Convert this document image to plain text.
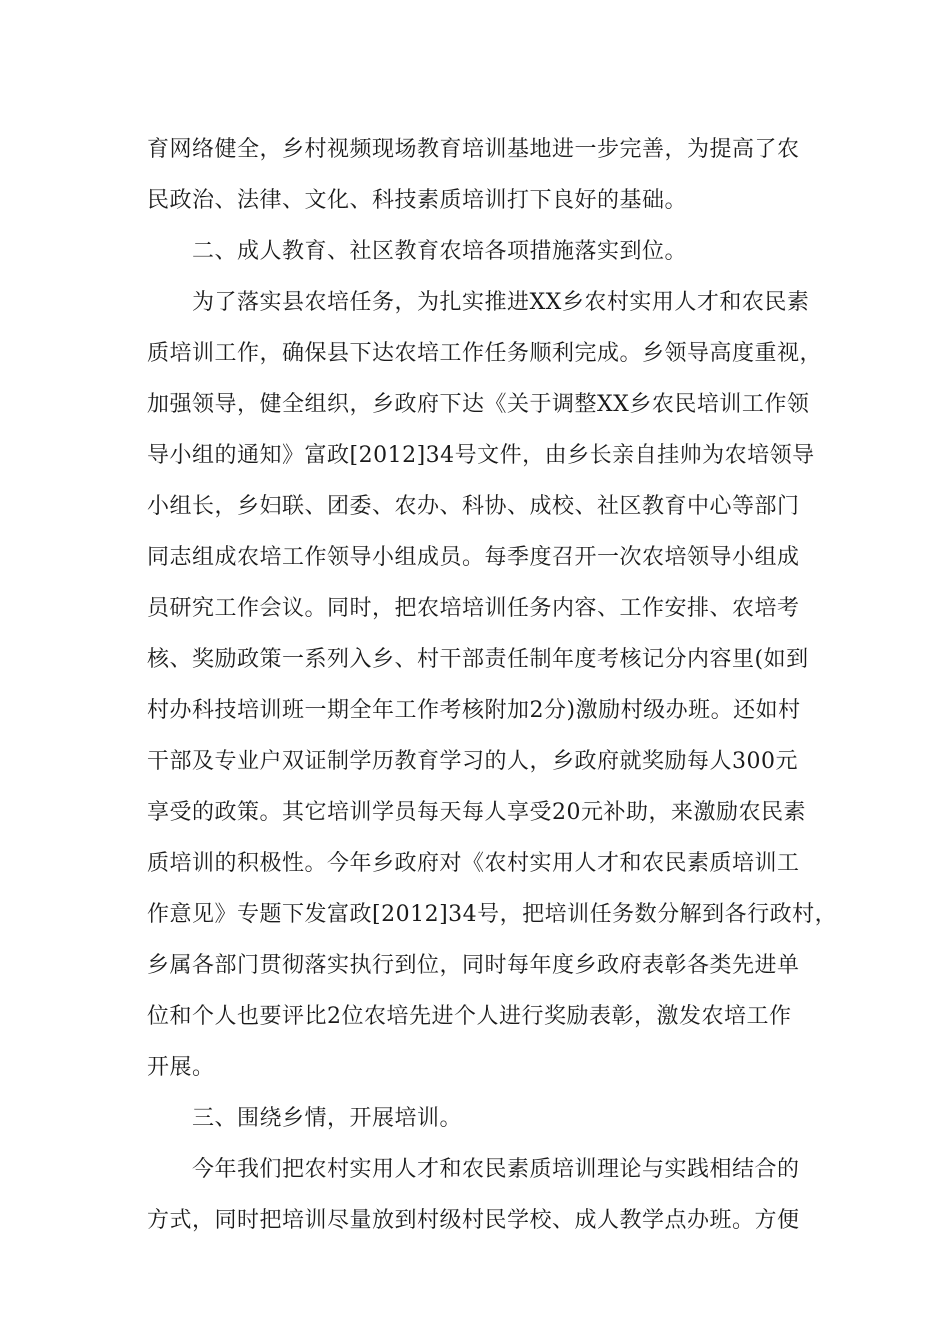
育网络健全，乡村视频现场教育培训基地进一步完善，为提高了农
民政治、法律、文化、科技素质培训打下良好的基础。
二、成人教育、社区教育农培各项措施落实到位。
为了落实县农培任务，为扎实推进XX乡农村实用人才和农民素
质培训工作，确保县下达农培工作任务顺利完成。乡领导高度重视，
加强领导，健全组织，乡政府下达《关于调整XX乡农民培训工作领
导小组的通知》富政[2012]34号文件，由乡长亲自挂帅为农培领导
小组长，乡妇联、团委、农办、科协、成校、社区教育中心等部门
同志组成农培工作领导小组成员。每季度召开一次农培领导小组成
员研究工作会议。同时，把农培培训任务内容、工作安排、农培考
核、奖励政策一系列入乡、村干部责任制年度考核记分内容里(如到
村办科技培训班一期全年工作考核附加2分)激励村级办班。还如村
干部及专业户双证制学历教育学习的人，乡政府就奖励每人300元
享受的政策。其它培训学员每天每人享受20元补助，来激励农民素
质培训的积极性。今年乡政府对《农村实用人才和农民素质培训工
作意见》专题下发富政[2012]34号，把培训任务数分解到各行政村，
乡属各部门贯彻落实执行到位，同时每年度乡政府表彰各类先进单
位和个人也要评比2位农培先进个人进行奖励表彰，激发农培工作
开展。
三、围绕乡情，开展培训。
今年我们把农村实用人才和农民素质培训理论与实践相结合的
方式，同时把培训尽量放到村级村民学校、成人教学点办班。方便
